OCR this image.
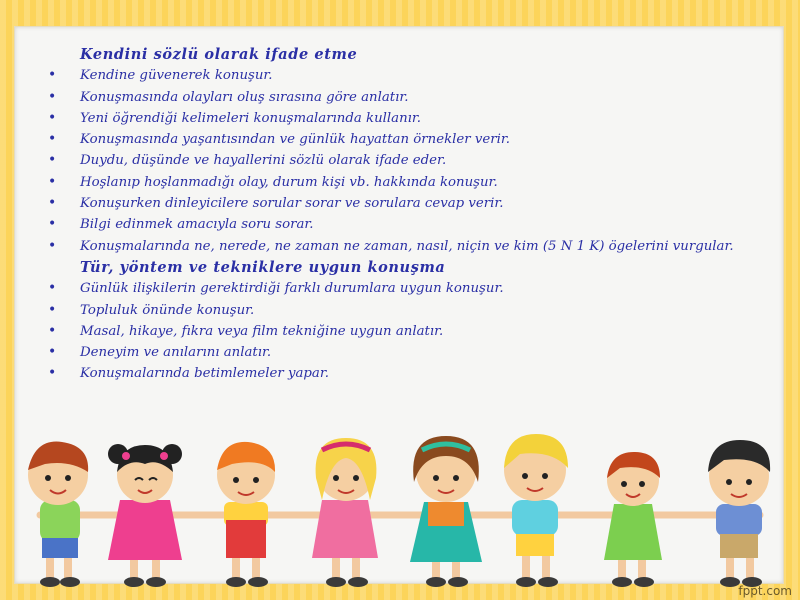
Kendini sözlü olarak ifade etme
•	Kendine güvenerek konuşur.
•	Konuşmasında olayları oluş sırasına göre anlatır.
•	Yeni öğrendiği kelimeleri konuşmalarında kullanır.
•	Konuşmasında yaşantısından ve günlük hayattan örnekler verir.
•	Duydu, düşünde ve hayallerini sözlü olarak ifade eder.
•	Hoşlanıp hoşlanmadığı olay, durum kişi vb. hakkında konuşur.
•	Konuşurken dinleyicilere sorular sorar ve sorulara cevap verir.
•	Bilgi edinmek amacıyla soru sorar.
•	Konuşmalarında ne, nerede, ne zaman ne zaman, nasıl, niçin ve kim (5 N 1 K) ögelerini vurgular.
Tür, yöntem ve tekniklere uygun konuşma
•	Günlük ilişkilerin gerektirdiği farklı durumlara uygun konuşur.
•	Topluluk önünde konuşur.
•	Masal, hikaye, fıkra veya film tekniğine uygun anlatır.
•	Deneyim ve anılarını anlatır.
•	Konuşmalarında betimlemeler yapar.
fppt.com
